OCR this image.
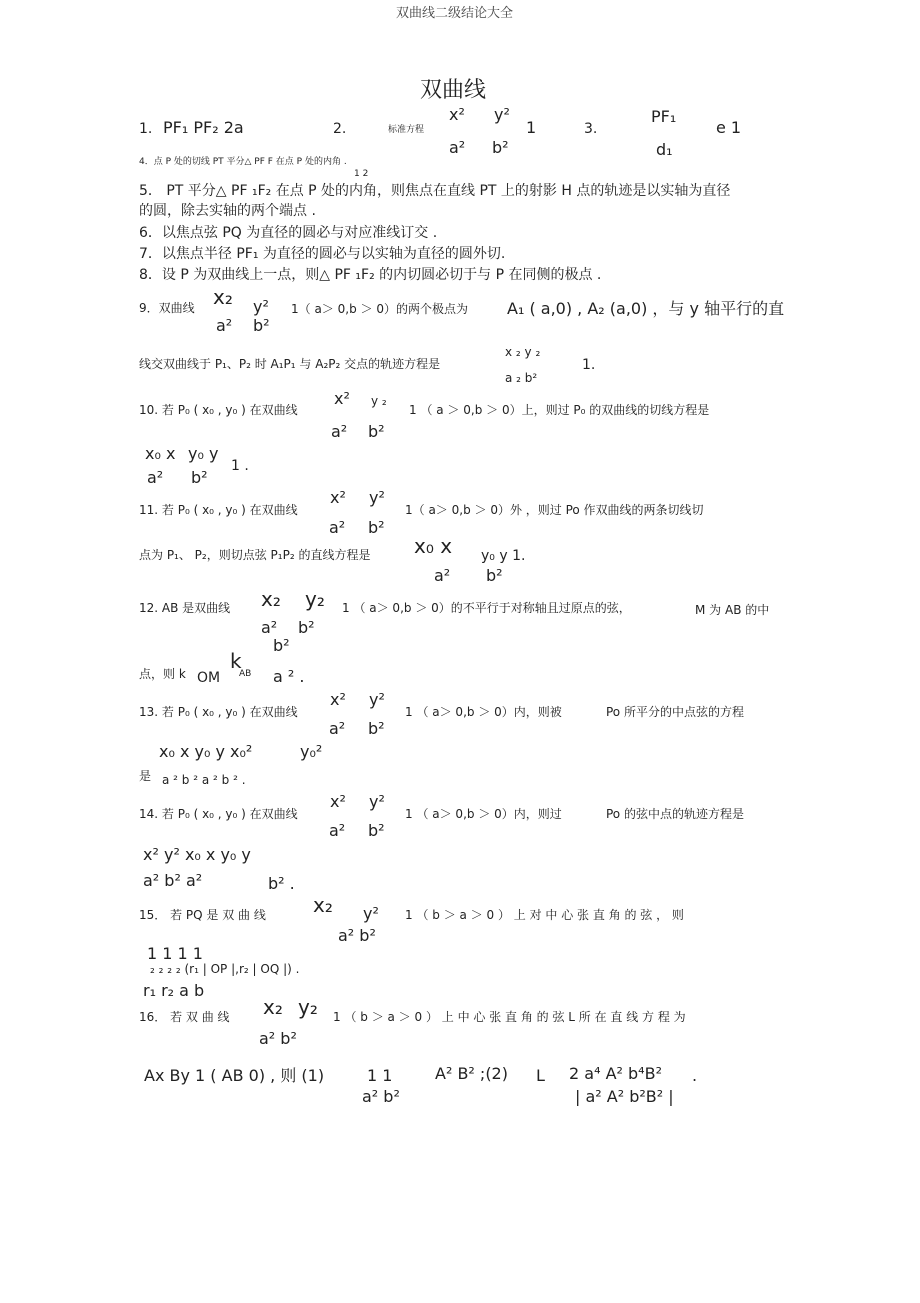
双曲线二级结论大全
双曲线
1. PF₁ PF₂ 2a	2.	标准方程
x²
a²
y²
b²
1	3.
PF₁
d₁
e 1
4．点 P 处的切线 PT 平分△ PF F 在点 P 处的内角 .
1 2
5． PT 平分△ PF ₁F₂ 在点 P 处的内角，则焦点在直线 PT 上的射影 H 点的轨迹是以实轴为直径
的圆，除去实轴的两个端点 .
6．以焦点弦 PQ 为直径的圆必与对应准线订交 .
7．以焦点半径 PF₁ 为直径的圆必与以实轴为直径的圆外切.
8．设 P 为双曲线上一点，则△ PF ₁F₂ 的内切圆必切于与 P 在同侧的极点 .
9．双曲线 x₂ y²
a² b²
1（ a＞ 0,b ＞ 0）的两个极点为 A₁ ( a,0) , A₂ (a,0) ，与 y 轴平行的直
线交双曲线于 P₁、P₂ 时 A₁P₁ 与 A₂P₂ 交点的轨迹方程是
x ₂ y ₂
a ₂ b²
1.
10. 若 P₀ ( x₀ , y₀ ) 在双曲线
x² y ₂
a² b²
1 （ a ＞ 0,b ＞ 0）上，则过 P₀ 的双曲线的切线方程是
x₀ x y₀ y
a² b²
1 .
11. 若 P₀ ( x₀ , y₀ ) 在双曲线
x² y²
a² b²
1（ a＞ 0,b ＞ 0）外 ，则过 Po 作双曲线的两条切线切
点为 P₁、 P₂，则切点弦 P₁P₂ 的直线方程是 x₀ x y₀ y 1.
a² b²
12. AB 是双曲线 x₂ y₂
a² b²
1 （ a＞ 0,b ＞ 0）的不平行于对称轴且过原点的弦，	M 为 AB 的中
b²
点，则 k OM
k
AB a ² .
13. 若 P₀ ( x₀ , y₀ ) 在双曲线
x² y²
a² b²
1 （ a＞ 0,b ＞ 0）内，则被	Po 所平分的中点弦的方程
x₀ x y₀ y x₀²	y₀²
是 a ² b ² a ² b ² .
14. 若 P₀ ( x₀ , y₀ ) 在双曲线
x² y²
a² b²
1 （ a＞ 0,b ＞ 0）内，则过	Po 的弦中点的轨迹方程是
x² y² x₀ x y₀ y
a² b² a²	b² .
15． 若 PQ 是 双 曲 线 x₂ y²
a² b²
1 （ b ＞ a ＞ 0 ） 上 对 中 心 张 直 角 的 弦 ， 则
1 1 1 1
₂ ₂ ₂ ₂ (r₁ | OP |,r₂ | OQ |) .
r₁ r₂ a b
16． 若 双 曲 线 x₂ y₂
a² b²
1 （ b ＞ a ＞ 0 ） 上 中 心 张 直 角 的 弦 L 所 在 直 线 方 程 为
Ax By 1 ( AB 0) , 则 (1)	1 1	A² B² ;(2) L 2 a⁴ A² b⁴B² .
a² b²	| a² A² b²B² |
